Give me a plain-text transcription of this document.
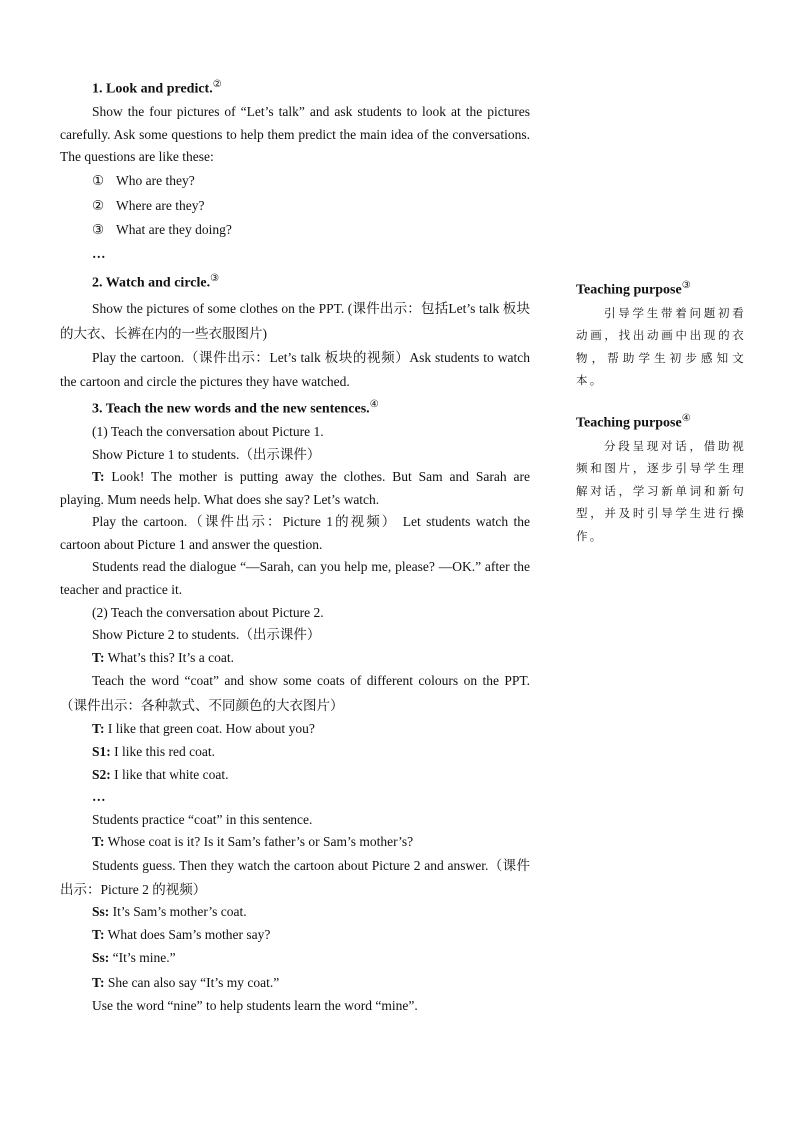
1. Look and predict.②

Show the four pictures of “Let’s talk” and ask students to look at the pictures carefully. Ask some questions to help them predict the main idea of the conversations. The questions are like these:

① Who are they?

② Where are they?

③ What are they doing?

…

2. Watch and circle.③

Show the pictures of some clothes on the PPT. (课件出示：包括Let’s talk 板块的大衣、长裤在内的一些衣服图片)

Play the cartoon.（课件出示：Let’s talk 板块的视频）Ask students to watch the cartoon and circle the pictures they have watched.

3. Teach the new words and the new sentences.④

(1) Teach the conversation about Picture 1.

Show Picture 1 to students.（出示课件）

T: Look! The mother is putting away the clothes. But Sam and Sarah are playing. Mum needs help. What does she say? Let’s watch.

Play the cartoon.（课件出示：Picture 1的视频） Let students watch the cartoon about Picture 1 and answer the question.

Students read the dialogue “—Sarah, can you help me, please? —OK.” after the teacher and practice it.

(2) Teach the conversation about Picture 2.

Show Picture 2 to students.（出示课件）

T: What’s this? It’s a coat.

Teach the word “coat” and show some coats of different colours on the PPT.（课件出示：各种款式、不同颜色的大衣图片）

T: I like that green coat. How about you?

S1: I like this red coat.

S2: I like that white coat.

…

Students practice “coat” in this sentence.

T: Whose coat is it? Is it Sam’s father’s or Sam’s mother’s?

Students guess. Then they watch the cartoon about Picture 2 and answer.（课件出示：Picture 2 的视频）

Ss: It’s Sam’s mother’s coat.

T: What does Sam’s mother say?

Ss: “It’s mine.”

T: She can also say “It’s my coat.”

Use the word “nine” to help students learn the word “mine”.

Teaching purpose③

引导学生带着问题初看动画，找出动画中出现的衣物，帮助学生初步感知文本。

Teaching purpose④

分段呈现对话，借助视频和图片，逐步引导学生理解对话，学习新单词和新句型，并及时引导学生进行操作。
